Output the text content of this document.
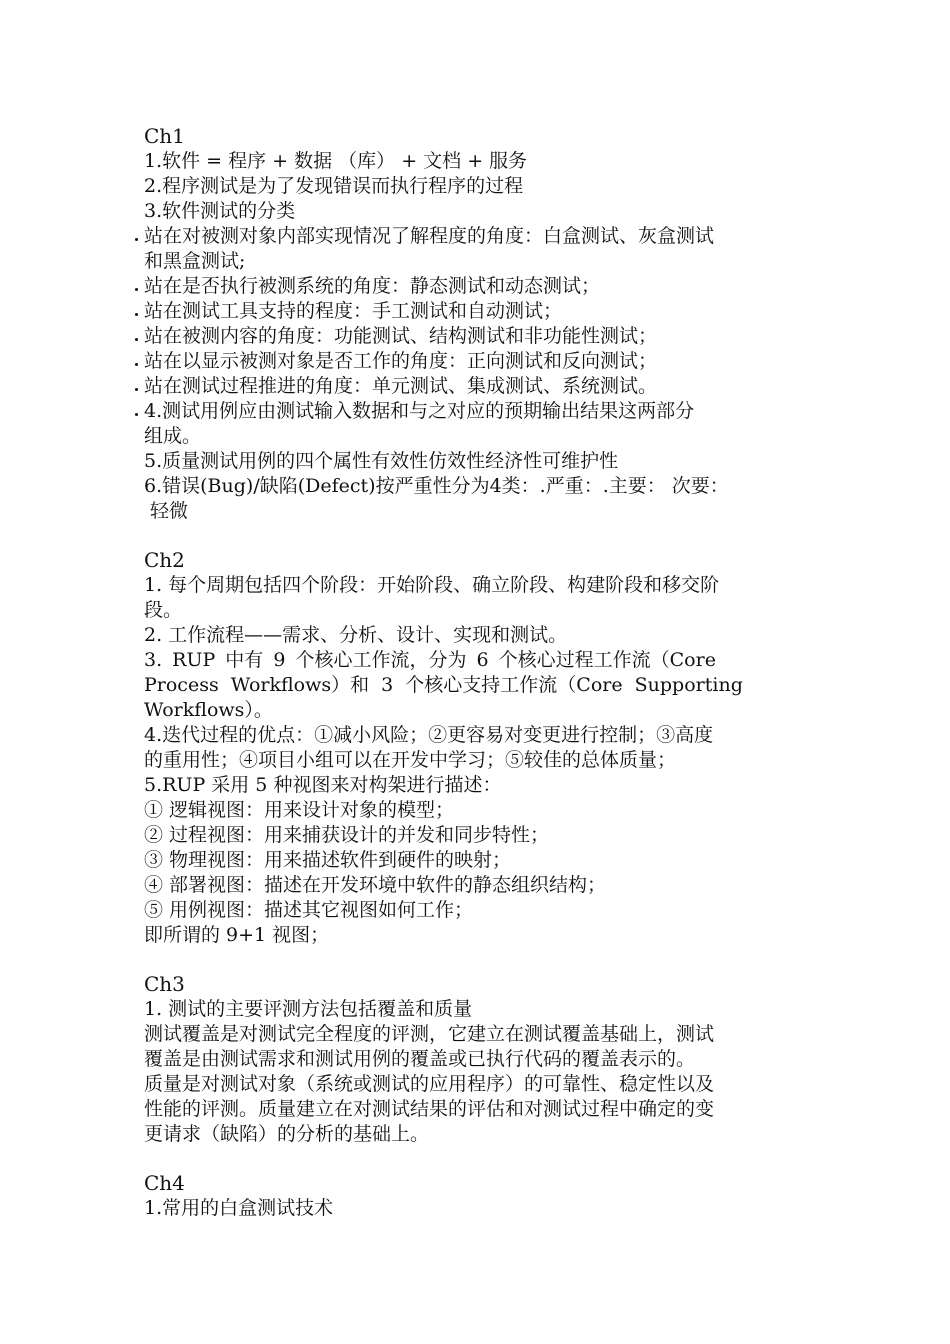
Ch1
1.软件 = 程序 + 数据 （库） + 文档 + 服务
2.程序测试是为了发现错误而执行程序的过程
3.软件测试的分类
站在对被测对象内部实现情况了解程度的角度：白盒测试、灰盒测试
和黑盒测试;
站在是否执行被测系统的角度：静态测试和动态测试；
站在测试工具支持的程度：手工测试和自动测试；
站在被测内容的角度：功能测试、结构测试和非功能性测试；
站在以显示被测对象是否工作的角度：正向测试和反向测试；
站在测试过程推进的角度：单元测试、集成测试、系统测试。
4.测试用例应由测试输入数据和与之对应的预期输出结果这两部分
组成。
5.质量测试用例的四个属性有效性仿效性经济性可维护性
6.错误(Bug)/缺陷(Defect)按严重性分为4类：.严重：.主要： 次要：
轻微
Ch2
1. 每个周期包括四个阶段：开始阶段、确立阶段、构建阶段和移交阶
段。
2. 工作流程——需求、分析、设计、实现和测试。
3. RUP 中有 9 个核心工作流，分为 6 个核心过程工作流（Core
Process Workflows）和 3 个核心支持工作流（Core Supporting
Workflows）。
4.迭代过程的优点：①减小风险；②更容易对变更进行控制；③高度
的重用性；④项目小组可以在开发中学习；⑤较佳的总体质量；
5.RUP 采用 5 种视图来对构架进行描述：
① 逻辑视图：用来设计对象的模型；
② 过程视图：用来捕获设计的并发和同步特性；
③ 物理视图：用来描述软件到硬件的映射；
④ 部署视图：描述在开发环境中软件的静态组织结构；
⑤ 用例视图：描述其它视图如何工作；
即所谓的 9+1 视图；
Ch3
1. 测试的主要评测方法包括覆盖和质量
测试覆盖是对测试完全程度的评测，它建立在测试覆盖基础上，测试
覆盖是由测试需求和测试用例的覆盖或已执行代码的覆盖表示的。
质量是对测试对象（系统或测试的应用程序）的可靠性、稳定性以及
性能的评测。质量建立在对测试结果的评估和对测试过程中确定的变
更请求（缺陷）的分析的基础上。
Ch4
1.常用的白盒测试技术
